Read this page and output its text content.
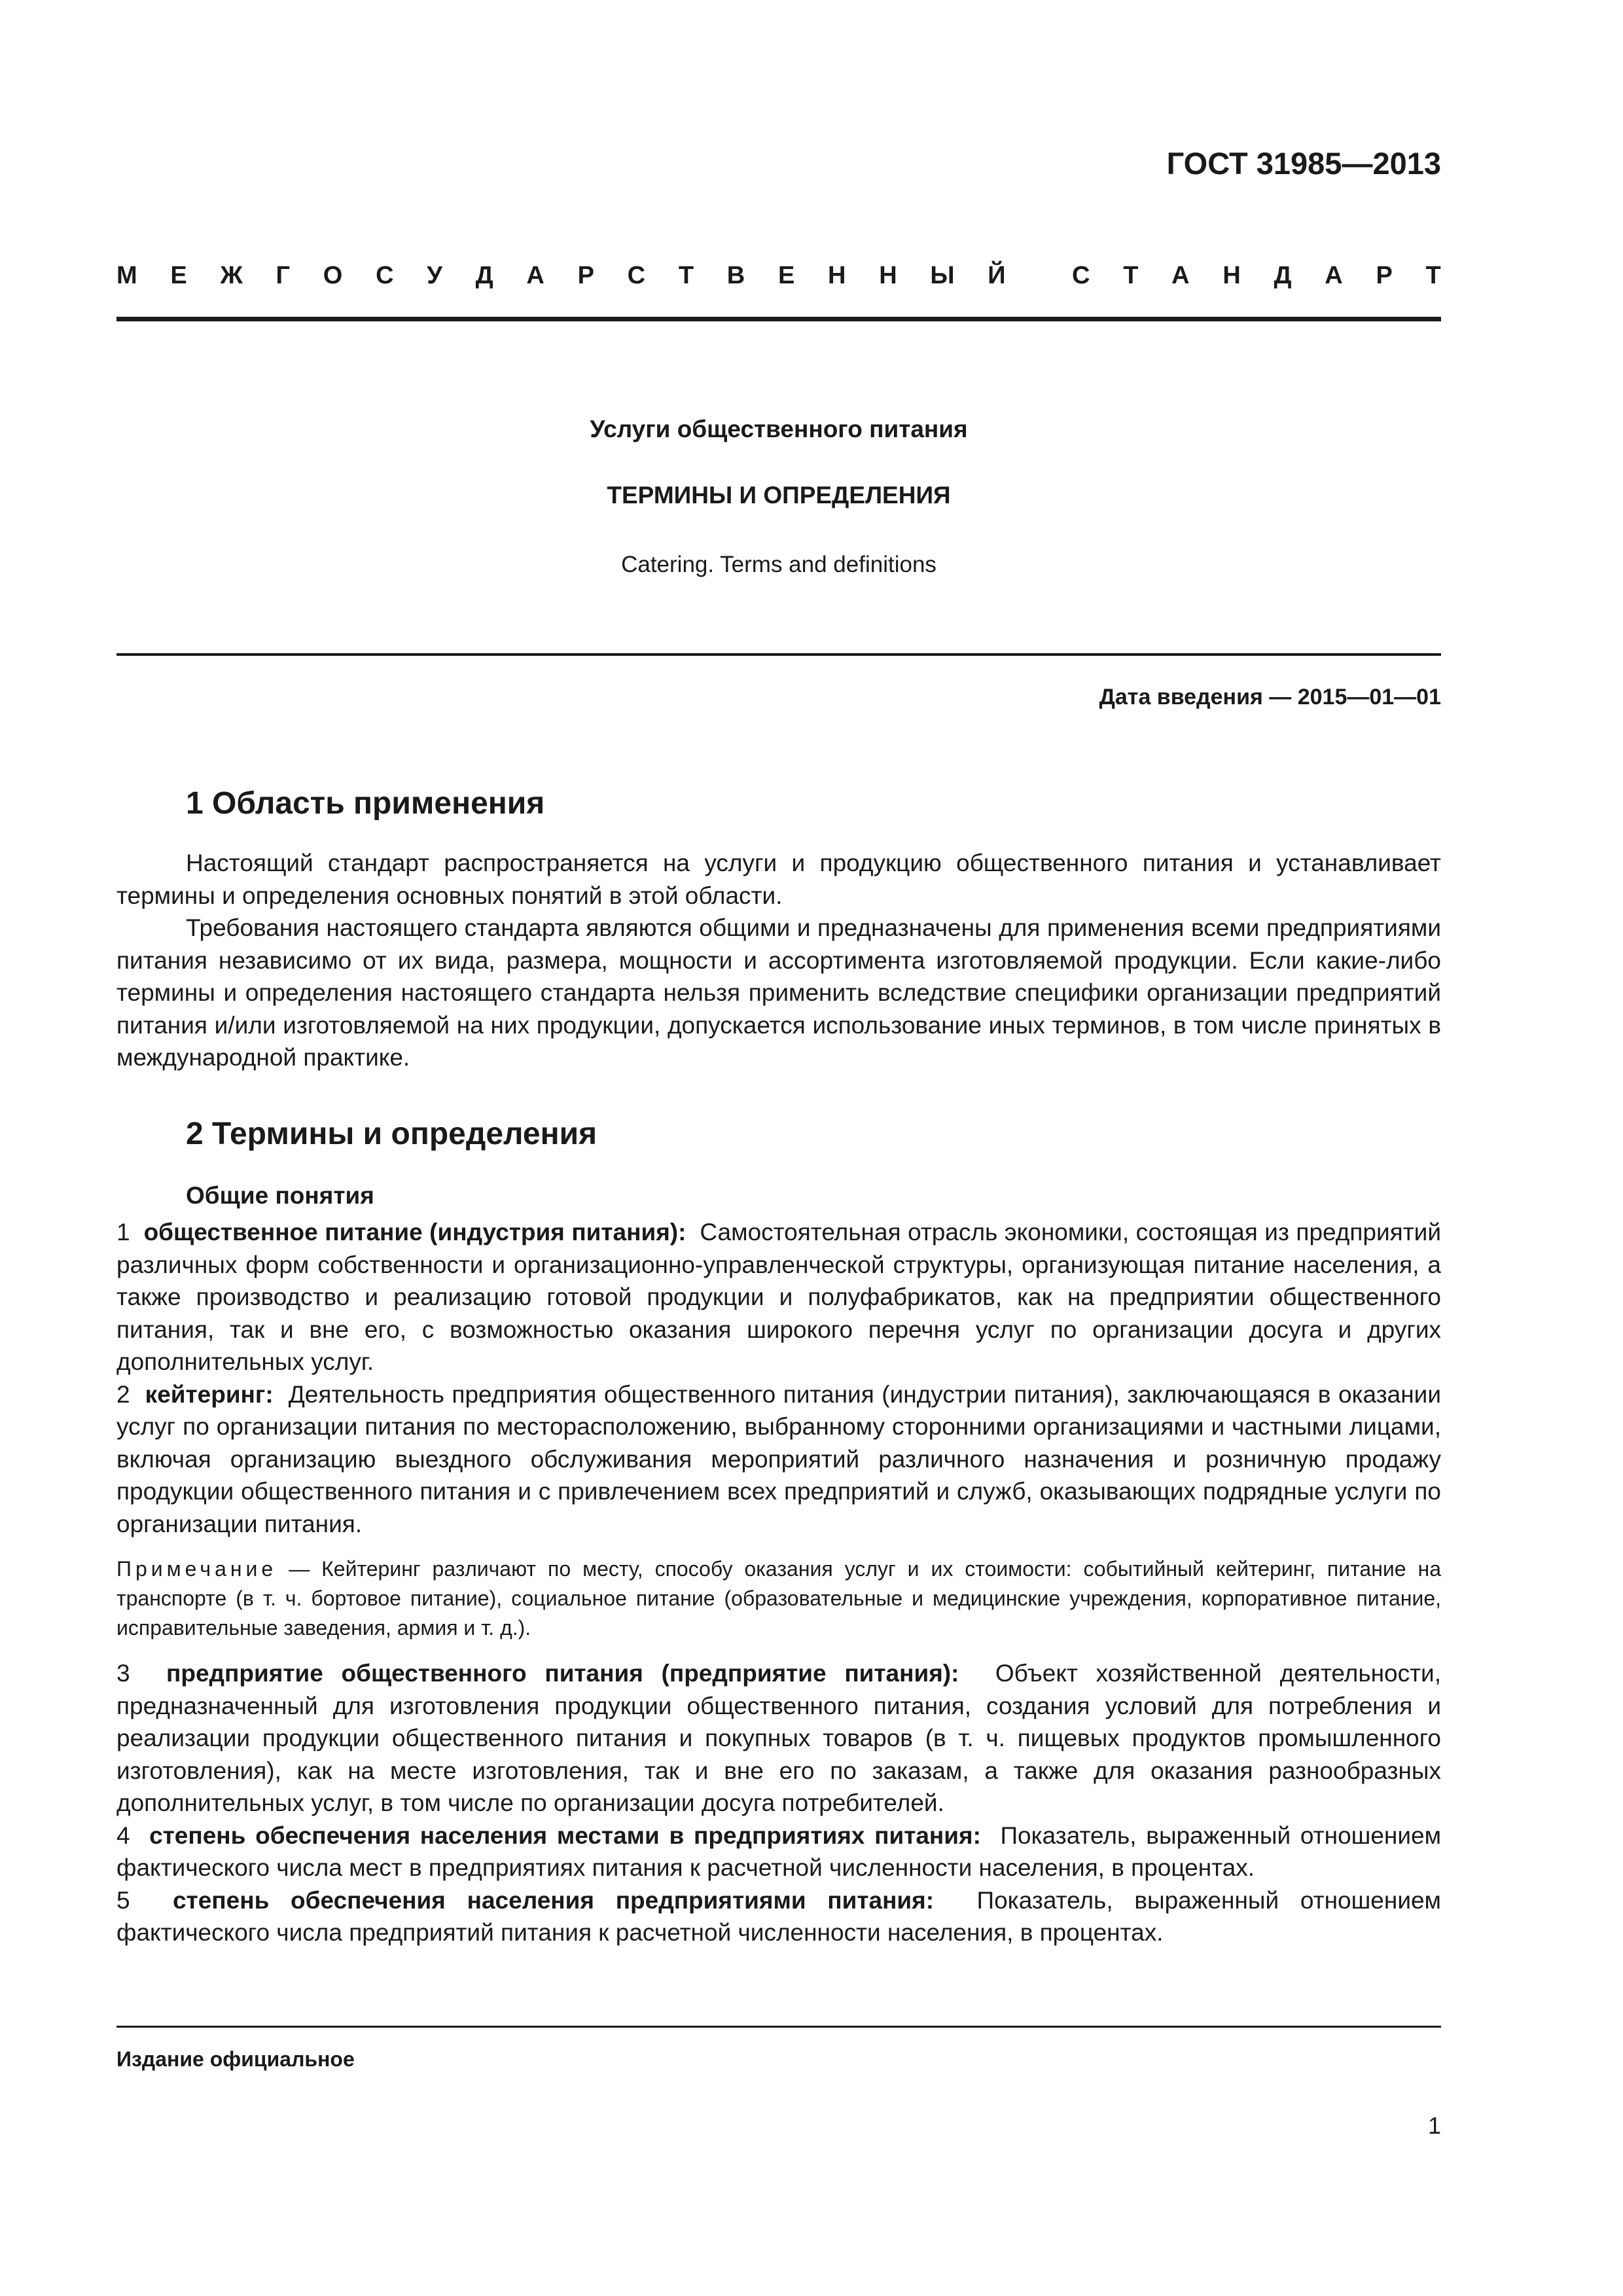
ГОСТ 31985—2013
М Е Ж Г О С У Д А Р С Т В Е Н Н Ы Й	С Т А Н Д А Р Т
Услуги общественного питания
ТЕРМИНЫ И ОПРЕДЕЛЕНИЯ
Catering. Terms and definitions
Дата введения — 2015—01—01
1 Область применения

Настоящий стандарт распространяется на услуги и продукцию общественного питания и устанавливает термины и определения основных понятий в этой области.

Требования настоящего стандарта являются общими и предназначены для применения всеми предприятиями питания независимо от их вида, размера, мощности и ассортимента изготовляемой продукции. Если какие-либо термины и определения настоящего стандарта нельзя применить вследствие специфики организации предприятий питания и/или изготовляемой на них продукции, допускается использование иных терминов, в том числе принятых в международной практике.

2 Термины и определения
Общие понятия

1 общественное питание (индустрия питания): Самостоятельная отрасль экономики, состоящая из предприятий различных форм собственности и организационно-управленческой структуры, организующая питание населения, а также производство и реализацию готовой продукции и полуфабрикатов, как на предприятии общественного питания, так и вне его, с возможностью оказания широкого перечня услуг по организации досуга и других дополнительных услуг.

2 кейтеринг: Деятельность предприятия общественного питания (индустрии питания), заключающаяся в оказании услуг по организации питания по месторасположению, выбранному сторонними организациями и частными лицами, включая организацию выездного обслуживания мероприятий различного назначения и розничную продажу продукции общественного питания и с привлечением всех предприятий и служб, оказывающих подрядные услуги по организации питания.

Примечание — Кейтеринг различают по месту, способу оказания услуг и их стоимости: событийный кейтеринг, питание на транспорте (в т. ч. бортовое питание), социальное питание (образовательные и медицинские учреждения, корпоративное питание, исправительные заведения, армия и т. д.).

3 предприятие общественного питания (предприятие питания): Объект хозяйственной деятельности, предназначенный для изготовления продукции общественного питания, создания условий для потребления и реализации продукции общественного питания и покупных товаров (в т. ч. пищевых продуктов промышленного изготовления), как на месте изготовления, так и вне его по заказам, а также для оказания разнообразных дополнительных услуг, в том числе по организации досуга потребителей.

4 степень обеспечения населения местами в предприятиях питания: Показатель, выраженный отношением фактического числа мест в предприятиях питания к расчетной численности населения, в процентах.

5 степень обеспечения населения предприятиями питания: Показатель, выраженный отношением фактического числа предприятий питания к расчетной численности населения, в процентах.

Издание официальное
1
